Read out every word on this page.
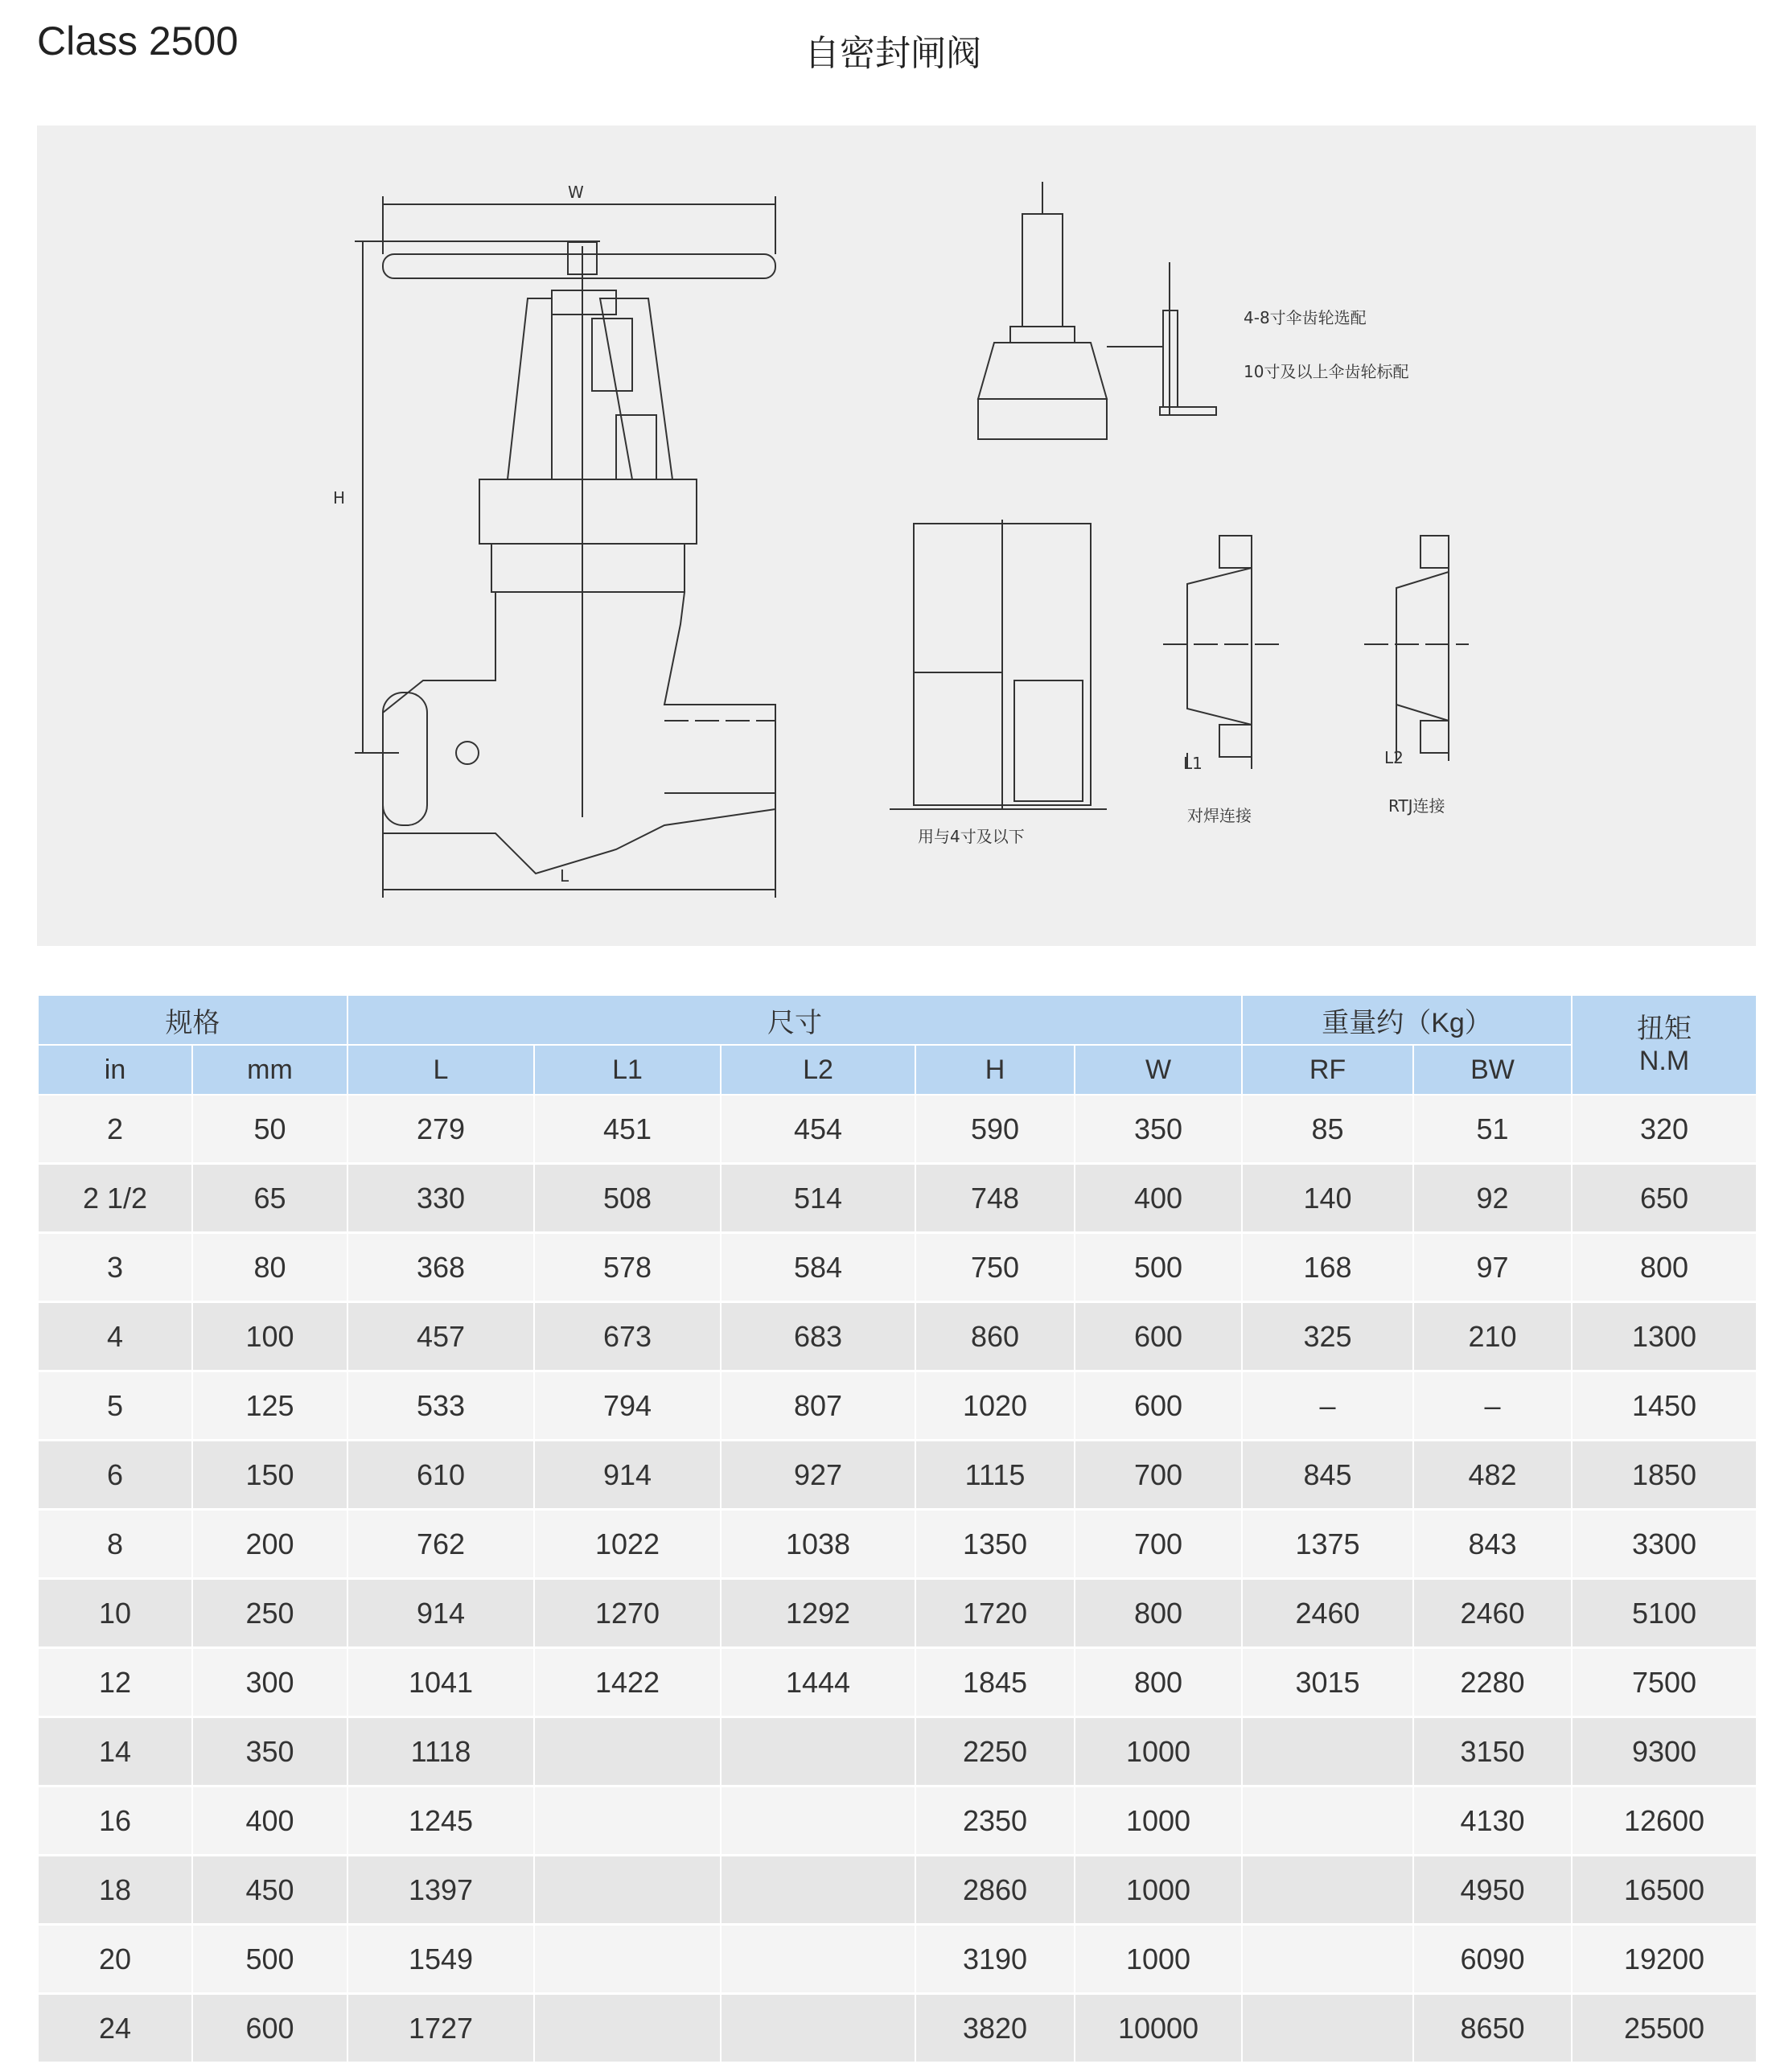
Class 2500	自密封闸阀
W
H
L
L1	L2
4-8寸伞齿轮选配
10寸及以上伞齿轮标配
用与4寸及以下
对焊连接	RTJ连接
规格		尺寸					重量约（Kg）		扭矩
N.M
in	mm	L	L1	L2	H	W	RF	BW	
2	50	279	451	454	590	350	85	51	320
2 1/2	65	330	508	514	748	400	140	92	650
3	80	368	578	584	750	500	168	97	800
4	100	457	673	683	860	600	325	210	1300
5	125	533	794	807	1020	600	–	–	1450
6	150	610	914	927	1115	700	845	482	1850
8	200	762	1022	1038	1350	700	1375	843	3300
10	250	914	1270	1292	1720	800	2460	2460	5100
12	300	1041	1422	1444	1845	800	3015	2280	7500
14	350	1118			2250	1000		3150	9300
16	400	1245			2350	1000		4130	12600
18	450	1397			2860	1000		4950	16500
20	500	1549			3190	1000		6090	19200
24	600	1727			3820	10000		8650	25500
